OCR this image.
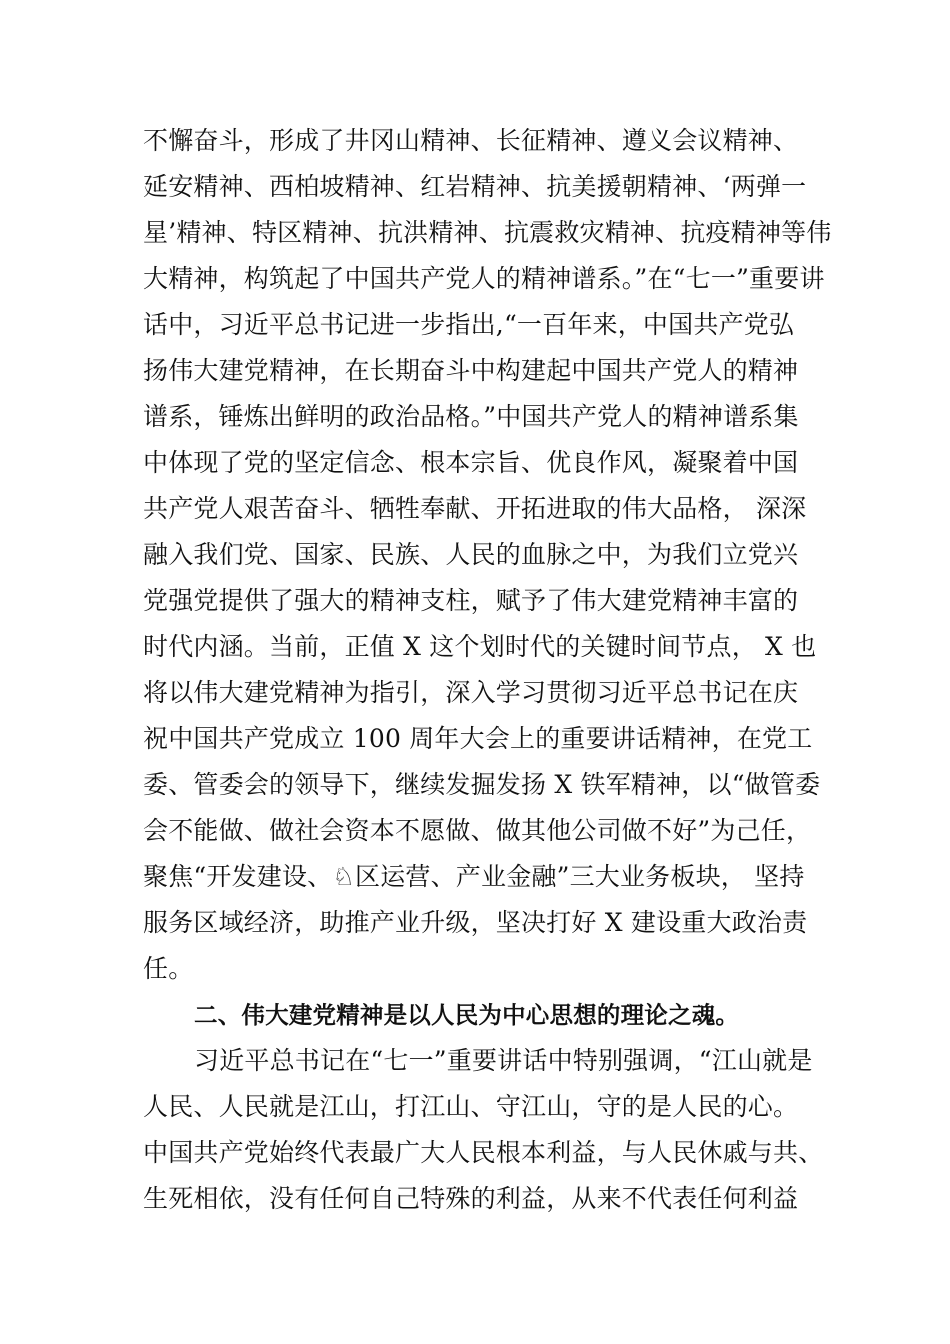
不懈奋斗，形成了井冈山精神、长征精神、遵义会议精神、
延安精神、西柏坡精神、红岩精神、抗美援朝精神、‘两弹一
星’精神、特区精神、抗洪精神、抗震救灾精神、抗疫精神等伟
大精神，构筑起了中国共产党人的精神谱系。”在“七一”重要讲
话中，习近平总书记进一步指出,“一百年来，中国共产党弘
扬伟大建党精神，在长期奋斗中构建起中国共产党人的精神
谱系，锤炼出鲜明的政治品格。”中国共产党人的精神谱系集
中体现了党的坚定信念、根本宗旨、优良作风，凝聚着中国
共产党人艰苦奋斗、牺牲奉献、开拓进取的伟大品格， 深深
融入我们党、国家、民族、人民的血脉之中，为我们立党兴
党强党提供了强大的精神支柱，赋予了伟大建党精神丰富的
时代内涵。当前，正值 X 这个划时代的关键时间节点， X 也
将以伟大建党精神为指引，深入学习贯彻习近平总书记在庆
祝中国共产党成立 100 周年大会上的重要讲话精神，在党工
委、管委会的领导下，继续发掘发扬 X 铁军精神，以“做管委
会不能做、做社会资本不愿做、做其他公司做不好”为己任，
聚焦“开发建设、♘区运营、产业金融”三大业务板块， 坚持
服务区域经济，助推产业升级，坚决打好 X 建设重大政治责
任。
二、伟大建党精神是以人民为中心思想的理论之魂。
习近平总书记在“七一”重要讲话中特别强调，“江山就是
人民、人民就是江山，打江山、守江山，守的是人民的心。
中国共产党始终代表最广大人民根本利益，与人民休戚与共、
生死相依，没有任何自己特殊的利益，从来不代表任何利益
